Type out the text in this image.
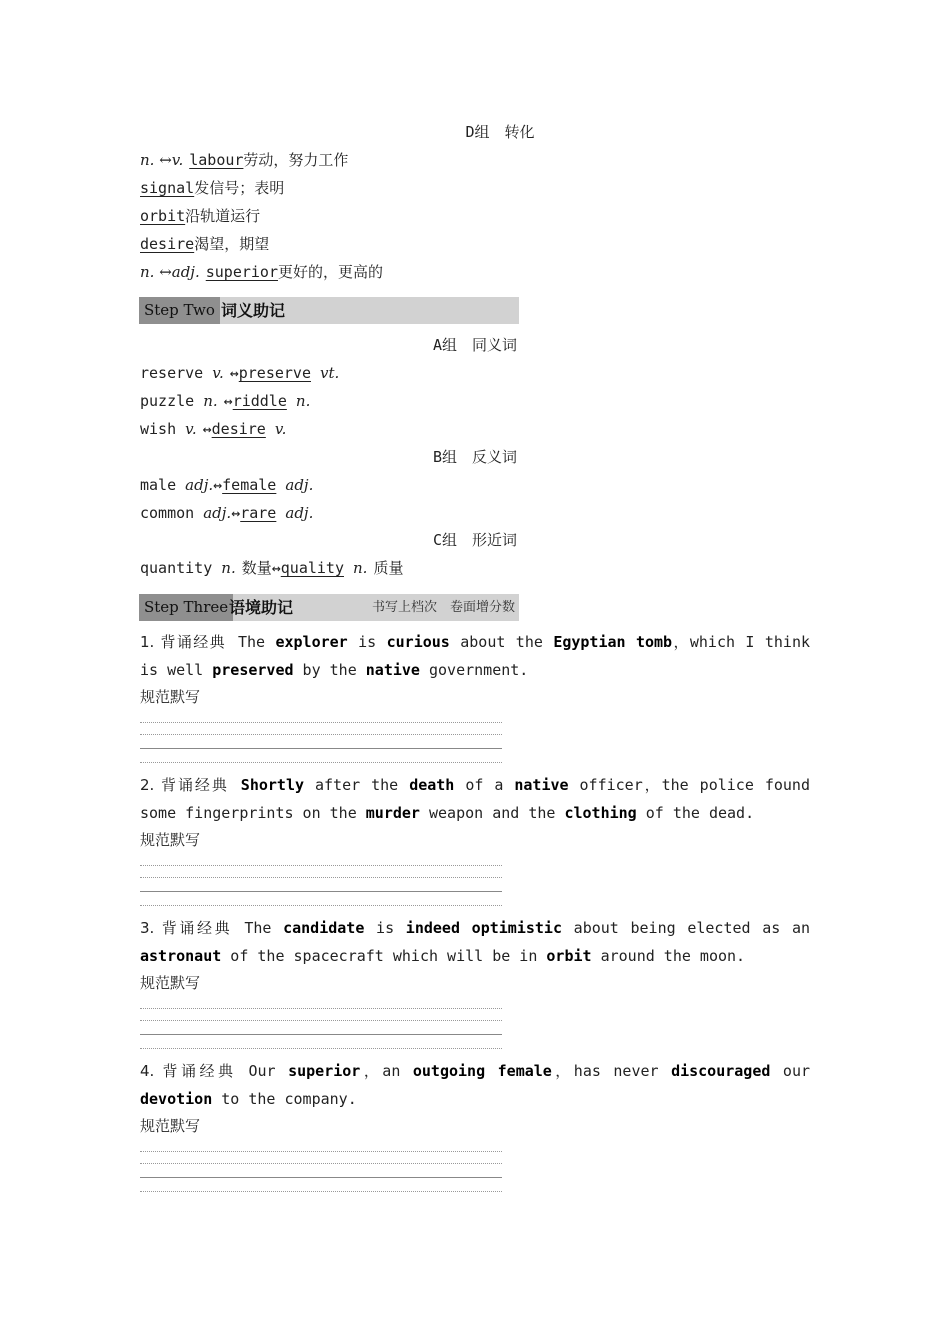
D组　转化
n. ↔v. labour劳动，努力工作
signal发信号；表明
orbit沿轨道运行
desire渴望，期望
n. ↔adj. superior更好的，更高的
Step Two 词义助记
A组　同义词
reserve v. ↔preserve vt.
puzzle n. ↔riddle n.
wish v. ↔desire v.
B组　反义词
male adj.↔female adj.
common adj.↔rare adj.
C组　形近词
quantity n. 数量↔quality n. 质量
Step Three 语境助记	书写上档次　卷面增分数
1. 背诵经典 The explorer is curious about the Egyptian tomb，which I think is well preserved by the native government.
规范默写
2. 背诵经典 Shortly after the death of a native officer，the police found some fingerprints on the murder weapon and the clothing of the dead.
规范默写
3. 背诵经典 The candidate is indeed optimistic about being elected as an astronaut of the spacecraft which will be in orbit around the moon.
规范默写
4. 背诵经典 Our superior，an outgoing female，has never discouraged our devotion to the company.
规范默写
